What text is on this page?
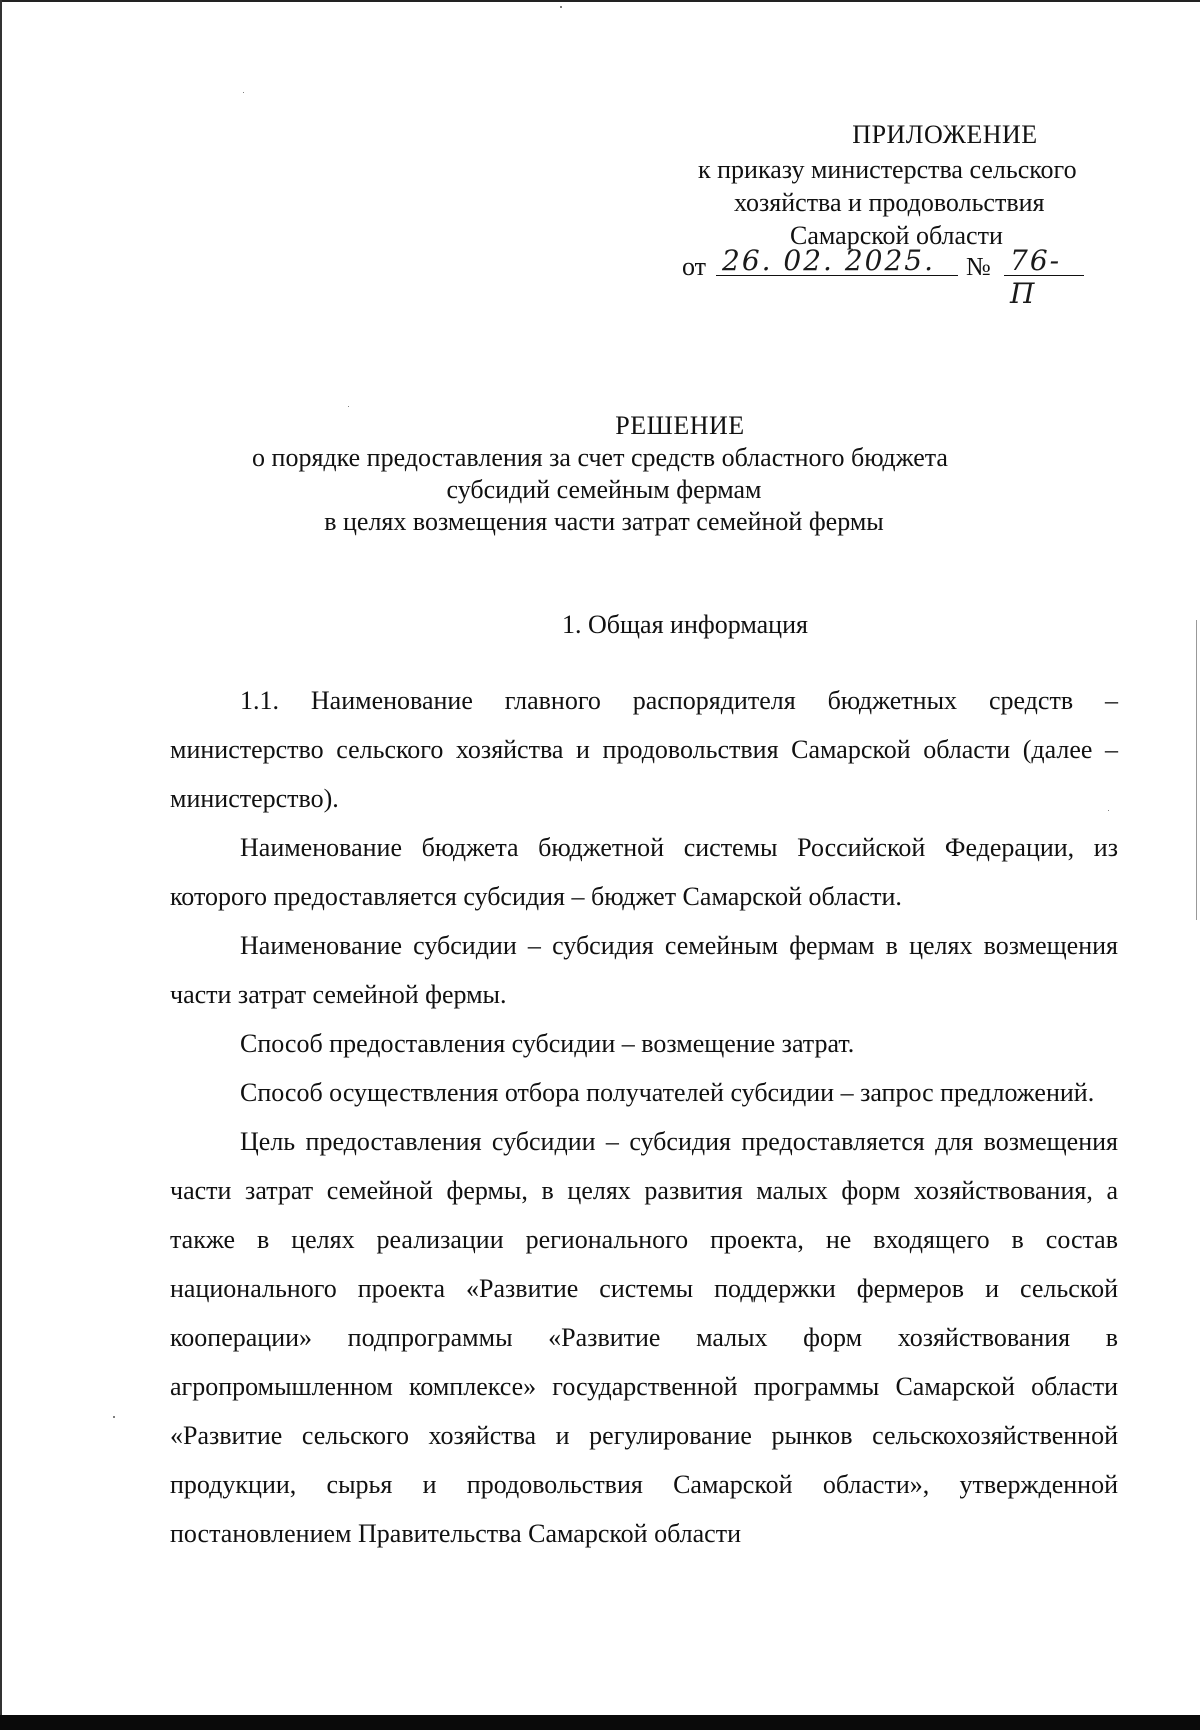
ПРИЛОЖЕНИЕ
к приказу министерства сельского
хозяйства и продовольствия
Самарской области
от 26. 02. 2025.	№ 76-П
РЕШЕНИЕ
о порядке предоставления за счет средств областного бюджета
субсидий семейным фермам
в целях возмещения части затрат семейной фермы
1. Общая информация

1.1. Наименование главного распорядителя бюджетных средств – министерство сельского хозяйства и продовольствия Самарской области (далее – министерство).

Наименование бюджета бюджетной системы Российской Федерации, из которого предоставляется субсидия – бюджет Самарской области.

Наименование субсидии – субсидия семейным фермам в целях возмещения части затрат семейной фермы.

Способ предоставления субсидии – возмещение затрат.

Способ осуществления отбора получателей субсидии – запрос предложений.

Цель предоставления субсидии – субсидия предоставляется для возмещения части затрат семейной фермы, в целях развития малых форм хозяйствования, а также в целях реализации регионального проекта, не входящего в состав национального проекта «Развитие системы поддержки фермеров и сельской кооперации» подпрограммы «Развитие малых форм хозяйствования в агропромышленном комплексе» государственной программы Самарской области «Развитие сельского хозяйства и регулирование рынков сельскохозяйственной продукции, сырья и продовольствия Самарской области», утвержденной постановлением Правительства Самарской области
